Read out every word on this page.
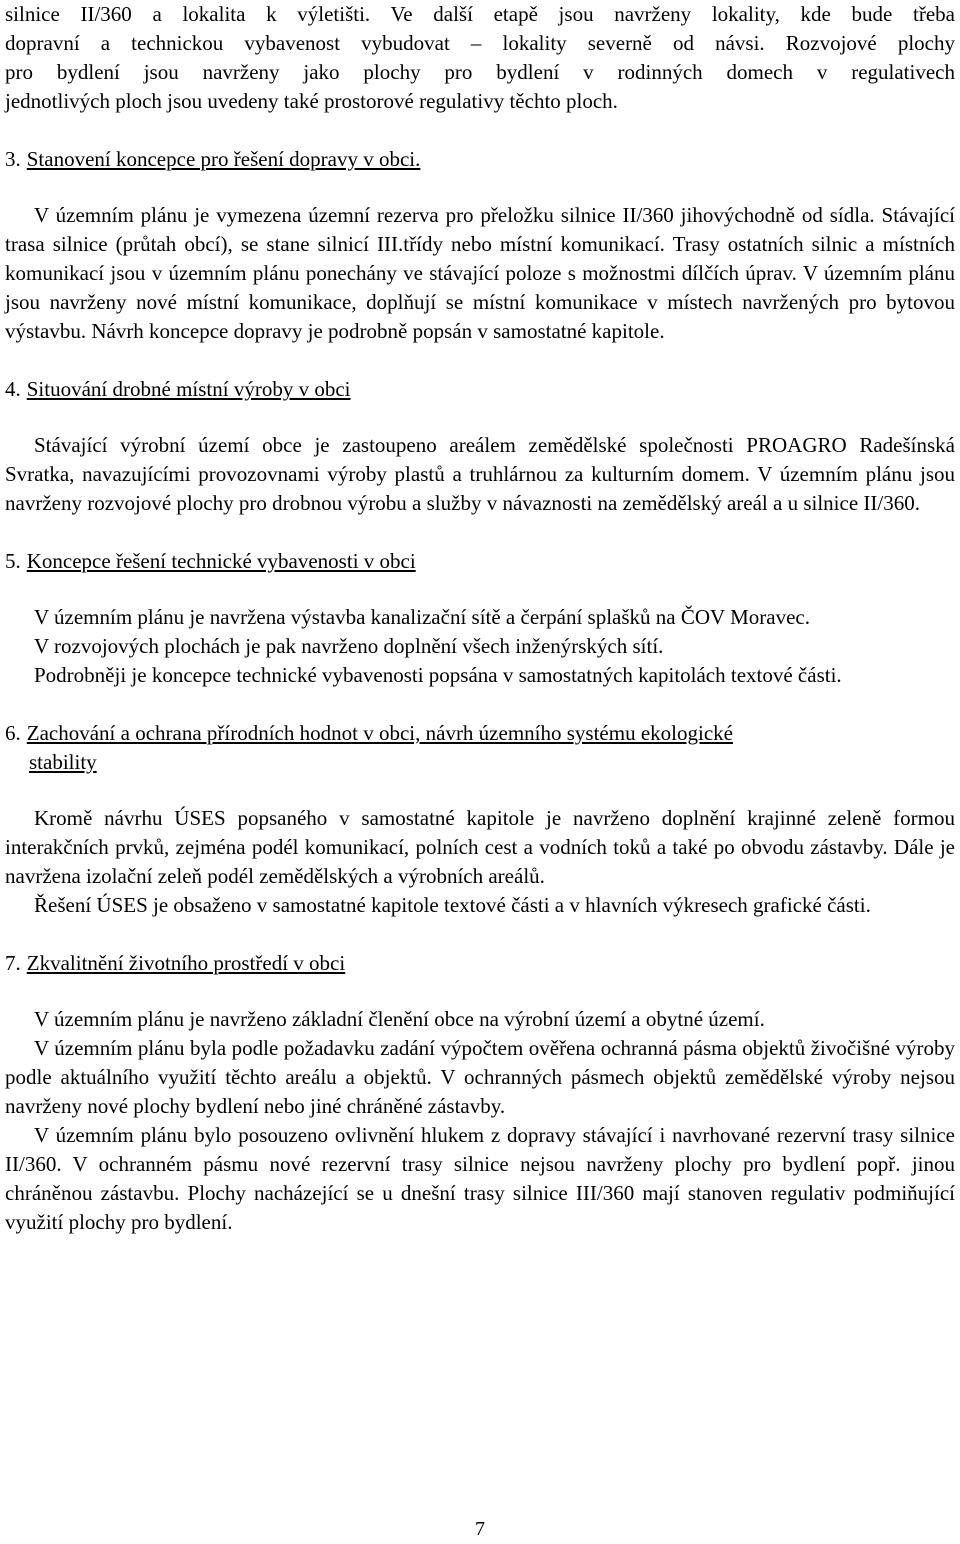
silnice II/360 a lokalita k výletišti. Ve další etapě jsou navrženy lokality, kde bude třeba
dopravní a technickou vybavenost vybudovat – lokality severně od návsi. Rozvojové plochy
pro bydlení jsou navrženy jako plochy pro bydlení v rodinných domech v regulativech
jednotlivých ploch jsou uvedeny také prostorové regulativy těchto ploch.

3. Stanovení koncepce pro řešení dopravy v obci.

V územním plánu je vymezena územní rezerva pro přeložku silnice II/360 jihovýchodně od sídla. Stávající trasa silnice (průtah obcí), se stane silnicí III.třídy nebo místní komunikací. Trasy ostatních silnic a místních komunikací jsou v územním plánu ponechány ve stávající poloze s možnostmi dílčích úprav. V územním plánu jsou navrženy nové místní komunikace, doplňují se místní komunikace v místech navržených pro bytovou výstavbu. Návrh koncepce dopravy je podrobně popsán v samostatné kapitole.

4. Situování drobné místní výroby v obci

Stávající výrobní území obce je zastoupeno areálem zemědělské společnosti PROAGRO Radešínská Svratka, navazujícími provozovnami výroby plastů a truhlárnou za kulturním domem. V územním plánu jsou navrženy rozvojové plochy pro drobnou výrobu a služby v návaznosti na zemědělský areál a u silnice II/360.

5. Koncepce řešení technické vybavenosti v obci

V územním plánu je navržena výstavba kanalizační sítě a čerpání splašků na ČOV Moravec.

V rozvojových plochách je pak navrženo doplnění všech inženýrských sítí.

Podrobněji je koncepce technické vybavenosti popsána v samostatných kapitolách textové části.

6. Zachování a ochrana přírodních hodnot v obci, návrh územního systému ekologické
stability

Kromě návrhu ÚSES popsaného v samostatné kapitole je navrženo doplnění krajinné zeleně formou interakčních prvků, zejména podél komunikací, polních cest a vodních toků a také po obvodu zástavby. Dále je navržena izolační zeleň podél zemědělských a výrobních areálů.

Řešení ÚSES je obsaženo v samostatné kapitole textové části a v hlavních výkresech grafické části.

7. Zkvalitnění životního prostředí v obci

V územním plánu je navrženo základní členění obce na výrobní území a obytné území.

V územním plánu byla podle požadavku zadání výpočtem ověřena ochranná pásma objektů živočišné výroby podle aktuálního využití těchto areálu a objektů. V ochranných pásmech objektů zemědělské výroby nejsou navrženy nové plochy bydlení nebo jiné chráněné zástavby.

V územním plánu bylo posouzeno ovlivnění hlukem z dopravy stávající i navrhované rezervní trasy silnice II/360. V ochranném pásmu nové rezervní trasy silnice nejsou navrženy plochy pro bydlení popř. jinou chráněnou zástavbu. Plochy nacházející se u dnešní trasy silnice III/360 mají stanoven regulativ podmiňující využití plochy pro bydlení.

7
